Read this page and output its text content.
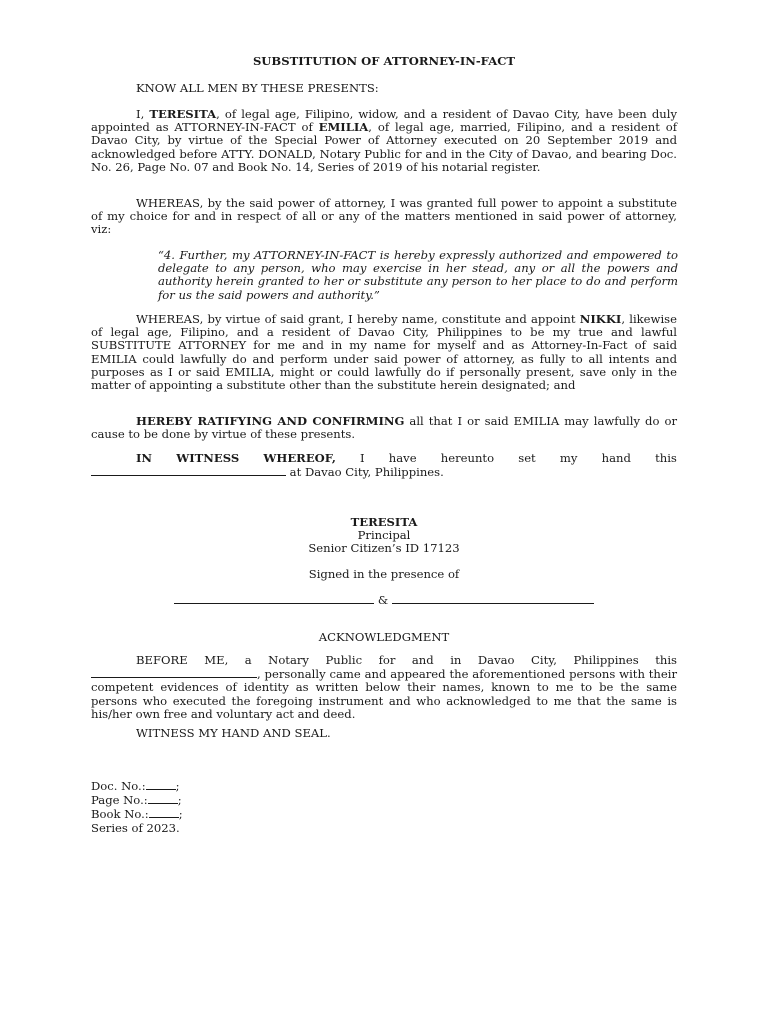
SUBSTITUTION OF ATTORNEY-IN-FACT

KNOW ALL MEN BY THESE PRESENTS:

I, TERESITA, of legal age, Filipino, widow, and a resident of Davao City, have been duly appointed as ATTORNEY-IN-FACT of EMILIA, of legal age, married, Filipino, and a resident of Davao City, by virtue of the Special Power of Attorney executed on 20 September 2019 and acknowledged before ATTY. DONALD, Notary Public for and in the City of Davao, and bearing Doc. No. 26, Page No. 07 and Book No. 14, Series of 2019 of his notarial register.

WHEREAS, by the said power of attorney, I was granted full power to appoint a substitute of my choice for and in respect of all or any of the matters mentioned in said power of attorney, viz:

“4. Further, my ATTORNEY-IN-FACT is hereby expressly authorized and empowered to delegate to any person, who may exercise in her stead, any or all the powers and authority herein granted to her or substitute any person to her place to do and perform for us the said powers and authority.”

WHEREAS, by virtue of said grant, I hereby name, constitute and appoint NIKKI, likewise of legal age, Filipino, and a resident of Davao City, Philippines to be my true and lawful SUBSTITUTE ATTORNEY for me and in my name for myself and as Attorney-In-Fact of said EMILIA could lawfully do and perform under said power of attorney, as fully to all intents and purposes as I or said EMILIA, might or could lawfully do if personally present, save only in the matter of appointing a substitute other than the substitute herein designated; and

HEREBY RATIFYING AND CONFIRMING all that I or said EMILIA may lawfully do or cause to be done by virtue of these presents.

IN WITNESS WHEREOF, I have hereunto set my hand this
at Davao City, Philippines.

TERESITA

Principal

Senior Citizen’s ID 17123

Signed in the presence of

&

ACKNOWLEDGMENT

BEFORE ME, a Notary Public for and in Davao City, Philippines this
, personally came and appeared the aforementioned persons with their competent evidences of identity as written below their names, known to me to be the same persons who executed the foregoing instrument and who acknowledged to me that the same is his/her own free and voluntary act and deed.

WITNESS MY HAND AND SEAL.

Doc. No.:	;
Page No.:	;
Book No.:	;
Series of 2023.
